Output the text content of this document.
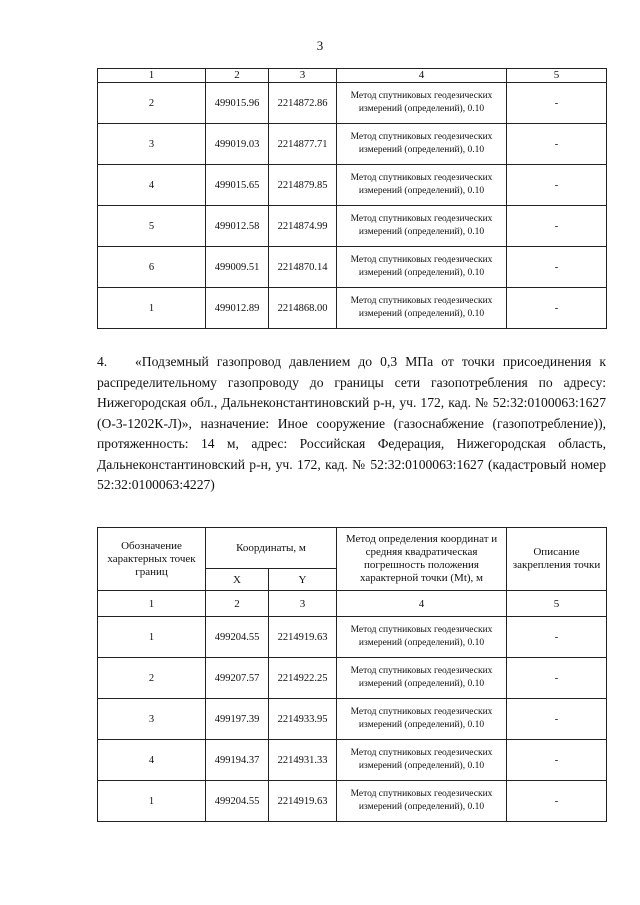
3
1	2	3	4	5
2	499015.96	2214872.86	Метод спутниковых геодезических измерений (определений), 0.10	-
3	499019.03	2214877.71	Метод спутниковых геодезических измерений (определений), 0.10	-
4	499015.65	2214879.85	Метод спутниковых геодезических измерений (определений), 0.10	-
5	499012.58	2214874.99	Метод спутниковых геодезических измерений (определений), 0.10	-
6	499009.51	2214870.14	Метод спутниковых геодезических измерений (определений), 0.10	-
1	499012.89	2214868.00	Метод спутниковых геодезических измерений (определений), 0.10	-
4. «Подземный газопровод давлением до 0,3 МПа от точки присоединения к распределительному газопроводу до границы сети газопотребления по адресу: Нижегородская обл., Дальнеконстантиновский р-н, уч. 172, кад. № 52:32:0100063:1627 (О-3-1202К-Л)», назначение: Иное сооружение (газоснабжение (газопотребление)), протяженность: 14 м, адрес: Российская Федерация, Нижегородская область, Дальнеконстантиновский р-н, уч. 172, кад. № 52:32:0100063:1627 (кадастровый номер 52:32:0100063:4227)
Обозначение характерных точек границ	Координаты, м		Метод определения координат и средняя квадратическая погрешность положения характерной точки (Mt), м	Описание закрепления точки
	X	Y		
1	2	3	4	5
1	499204.55	2214919.63	Метод спутниковых геодезических измерений (определений), 0.10	-
2	499207.57	2214922.25	Метод спутниковых геодезических измерений (определений), 0.10	-
3	499197.39	2214933.95	Метод спутниковых геодезических измерений (определений), 0.10	-
4	499194.37	2214931.33	Метод спутниковых геодезических измерений (определений), 0.10	-
1	499204.55	2214919.63	Метод спутниковых геодезических измерений (определений), 0.10	-
